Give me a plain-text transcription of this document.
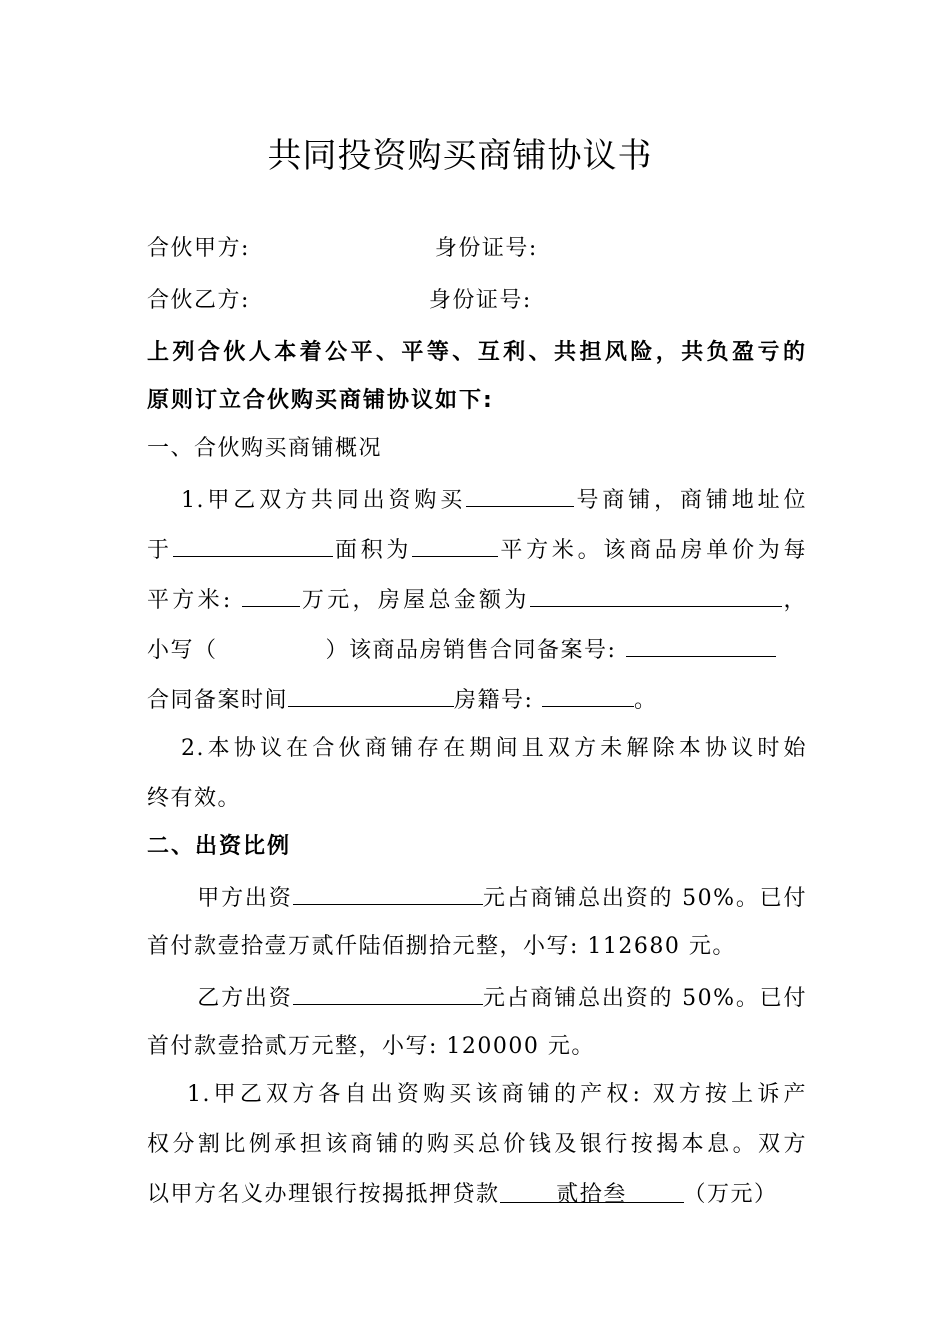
共同投资购买商铺协议书
合伙甲方:	身份证号:
合伙乙方:	身份证号:
上列合伙人本着公平、平等、互利、共担风险，共负盈亏的
原则订立合伙购买商铺协议如下:
一、合伙购买商铺概况
1.甲乙双方共同出资购买	号商铺，商铺地址位
于	面积为	平方米。该商品房单价为每
平方米:	万元，房屋总金额为	，
小写（	）该商品房销售合同备案号:
合同备案时间	房籍号:	。
2.本协议在合伙商铺存在期间且双方未解除本协议时始
终有效。
二、出资比例
甲方出资	元占商铺总出资的 50%。已付
首付款壹拾壹万贰仟陆佰捌拾元整，小写: 112680 元。
乙方出资	元占商铺总出资的 50%。已付
首付款壹拾贰万元整，小写: 120000 元。
1.甲乙双方各自出资购买该商铺的产权: 双方按上诉产
权分割比例承担该商铺的购买总价钱及银行按揭本息。双方
以甲方名义办理银行按揭抵押贷款	贰拾叁	（万元）
